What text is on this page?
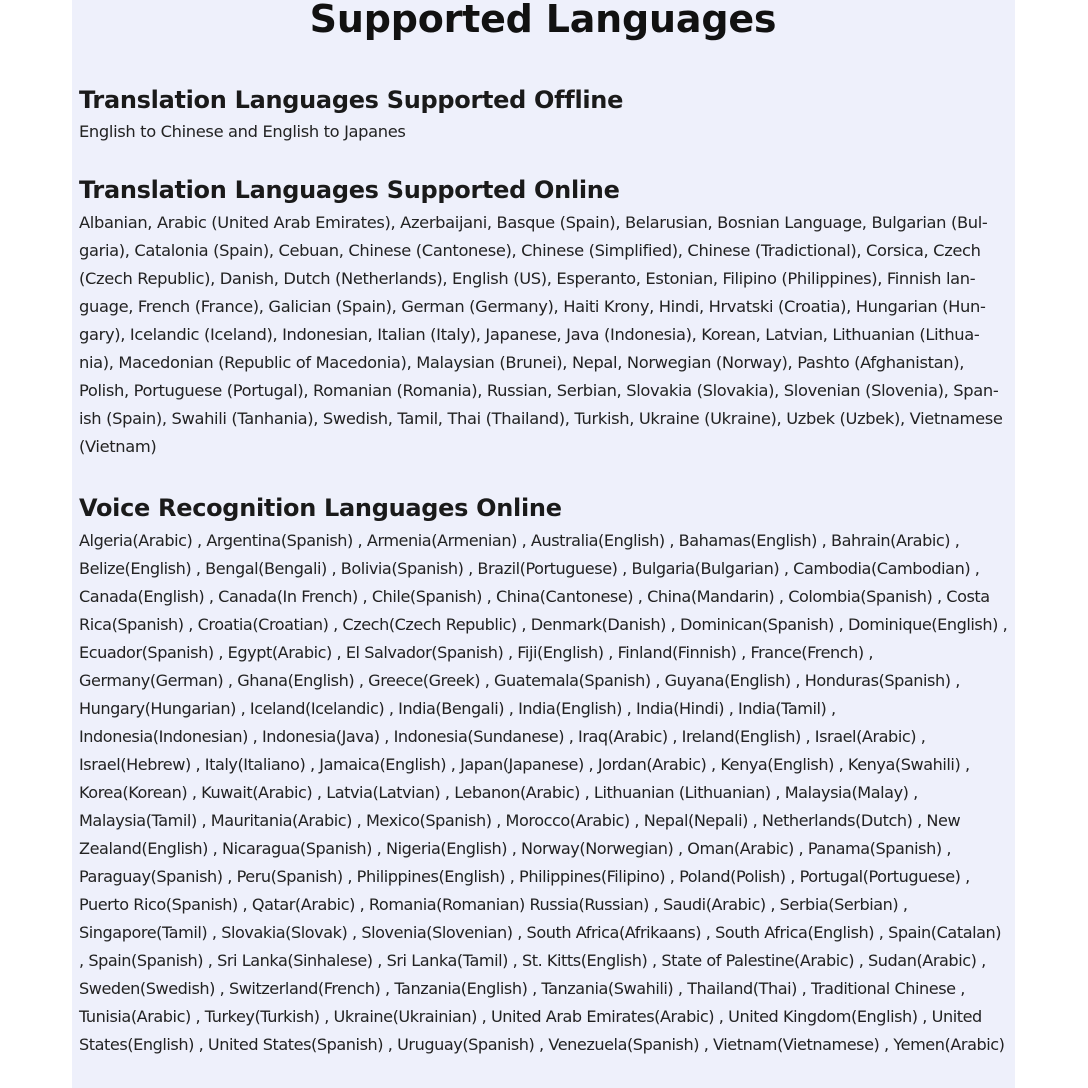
Supported Languages
Translation Languages Supported Offline

English to Chinese and English to Japanes

Translation Languages Supported Online

Albanian, Arabic (United Arab Emirates), Azerbaijani, Basque (Spain), Belarusian, Bosnian Language, Bulgarian (Bulgaria), Catalonia (Spain), Cebuan, Chinese (Cantonese), Chinese (Simplified), Chinese (Tradictional), Corsica, Czech (Czech Republic), Danish, Dutch (Netherlands), English (US), Esperanto, Estonian, Filipino (Philippines), Finnish language, French (France), Galician (Spain), German (Germany), Haiti Krony, Hindi, Hrvatski (Croatia), Hungarian (Hungary), Icelandic (Iceland), Indonesian, Italian (Italy), Japanese, Java (Indonesia), Korean, Latvian, Lithuanian (Lithuania), Macedonian (Republic of Macedonia), Malaysian (Brunei), Nepal, Norwegian (Norway), Pashto (Afghanistan), Polish, Portuguese (Portugal), Romanian (Romania), Russian, Serbian, Slovakia (Slovakia), Slovenian (Slovenia), Spanish (Spain), Swahili (Tanhania), Swedish, Tamil, Thai (Thailand), Turkish, Ukraine (Ukraine), Uzbek (Uzbek), Vietnamese (Vietnam)

Voice Recognition Languages Online

Algeria(Arabic) , Argentina(Spanish) , Armenia(Armenian) , Australia(English) , Bahamas(English) , Bahrain(Arabic) , Belize(English) , Bengal(Bengali) , Bolivia(Spanish) , Brazil(Portuguese) , Bulgaria(Bulgarian) , Cambodia(Cambodian) , Canada(English) , Canada(In French) , Chile(Spanish) , China(Cantonese) , China(Mandarin) , Colombia(Spanish) , Costa Rica(Spanish) , Croatia(Croatian) , Czech(Czech Republic) , Denmark(Danish) , Dominican(Spanish) , Dominique(English) , Ecuador(Spanish) , Egypt(Arabic) , El Salvador(Spanish) , Fiji(English) , Finland(Finnish) , France(French) , Germany(German) , Ghana(English) , Greece(Greek) , Guatemala(Spanish) , Guyana(English) , Honduras(Spanish) , Hungary(Hungarian) , Iceland(Icelandic) , India(Bengali) , India(English) , India(Hindi) , India(Tamil) , Indonesia(Indonesian) , Indonesia(Java) , Indonesia(Sundanese) , Iraq(Arabic) , Ireland(English) , Israel(Arabic) , Israel(Hebrew) , Italy(Italiano) , Jamaica(English) , Japan(Japanese) , Jordan(Arabic) , Kenya(English) , Kenya(Swahili) , Korea(Korean) , Kuwait(Arabic) , Latvia(Latvian) , Lebanon(Arabic) , Lithuanian (Lithuanian) , Malaysia(Malay) , Malaysia(Tamil) , Mauritania(Arabic) , Mexico(Spanish) , Morocco(Arabic) , Nepal(Nepali) , Netherlands(Dutch) , New Zealand(English) , Nicaragua(Spanish) , Nigeria(English) , Norway(Norwegian) , Oman(Arabic) , Panama(Spanish) , Paraguay(Spanish) , Peru(Spanish) , Philippines(English) , Philippines(Filipino) , Poland(Polish) , Portugal(Portuguese) , Puerto Rico(Spanish) , Qatar(Arabic) , Romania(Romanian) Russia(Russian) , Saudi(Arabic) , Serbia(Serbian) , Singapore(Tamil) , Slovakia(Slovak) , Slovenia(Slovenian) , South Africa(Afrikaans) , South Africa(English) , Spain(Catalan) , Spain(Spanish) , Sri Lanka(Sinhalese) , Sri Lanka(Tamil) , St. Kitts(English) , State of Palestine(Arabic) , Sudan(Arabic) , Sweden(Swedish) , Switzerland(French) , Tanzania(English) , Tanzania(Swahili) , Thailand(Thai) , Traditional Chinese , Tunisia(Arabic) , Turkey(Turkish) , Ukraine(Ukrainian) , United Arab Emirates(Arabic) , United Kingdom(English) , United States(English) , United States(Spanish) , Uruguay(Spanish) , Venezuela(Spanish) , Vietnam(Vietnamese) , Yemen(Arabic)
